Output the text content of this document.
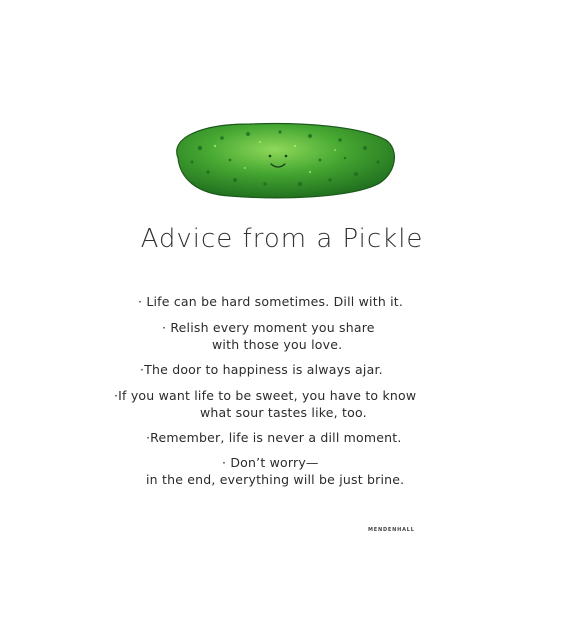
Advice from a Pickle
· Life can be hard sometimes. Dill with it.
· Relish every moment you share
with those you love.
·The door to happiness is always ajar.
·If you want life to be sweet, you have to know
what sour tastes like, too.
·Remember, life is never a dill moment.
· Don’t worry—
in the end, everything will be just brine.
MENDENHALL
